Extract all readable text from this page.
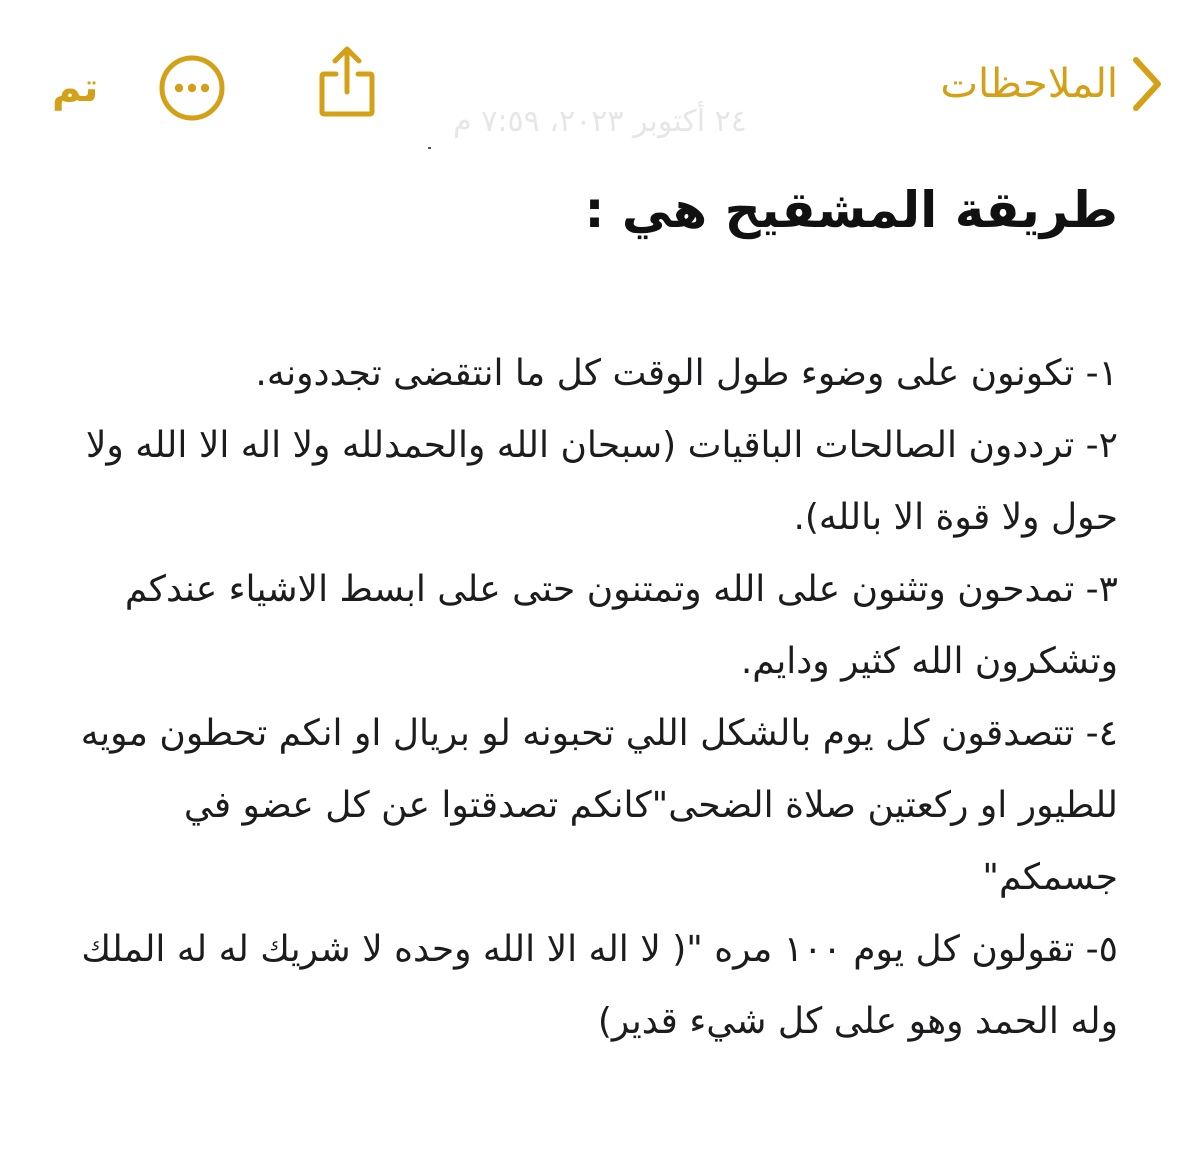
الملاحظات
تم
٢٤ أكتوبر ٢٠٢٣، ٧:٥٩ م

طريقة المشقيح هي :

١- تكونون على وضوء طول الوقت كل ما انتقضى تجددونه.

٢- ترددون الصالحات الباقيات (سبحان الله والحمدلله ولا اله الا الله ولا حول ولا قوة الا بالله).

٣- تمدحون وتثنون على الله وتمتنون حتى على ابسط الاشياء عندكم وتشكرون الله كثير ودايم.

٤- تتصدقون كل يوم بالشكل اللي تحبونه لو بريال او انكم تحطون مويه للطيور او ركعتين صلاة الضحى"كانكم تصدقتوا عن كل عضو في جسمكم"

٥- تقولون كل يوم ١٠٠ مره "( لا اله الا الله وحده لا شريك له له الملك وله الحمد وهو على كل شيء قدير)
